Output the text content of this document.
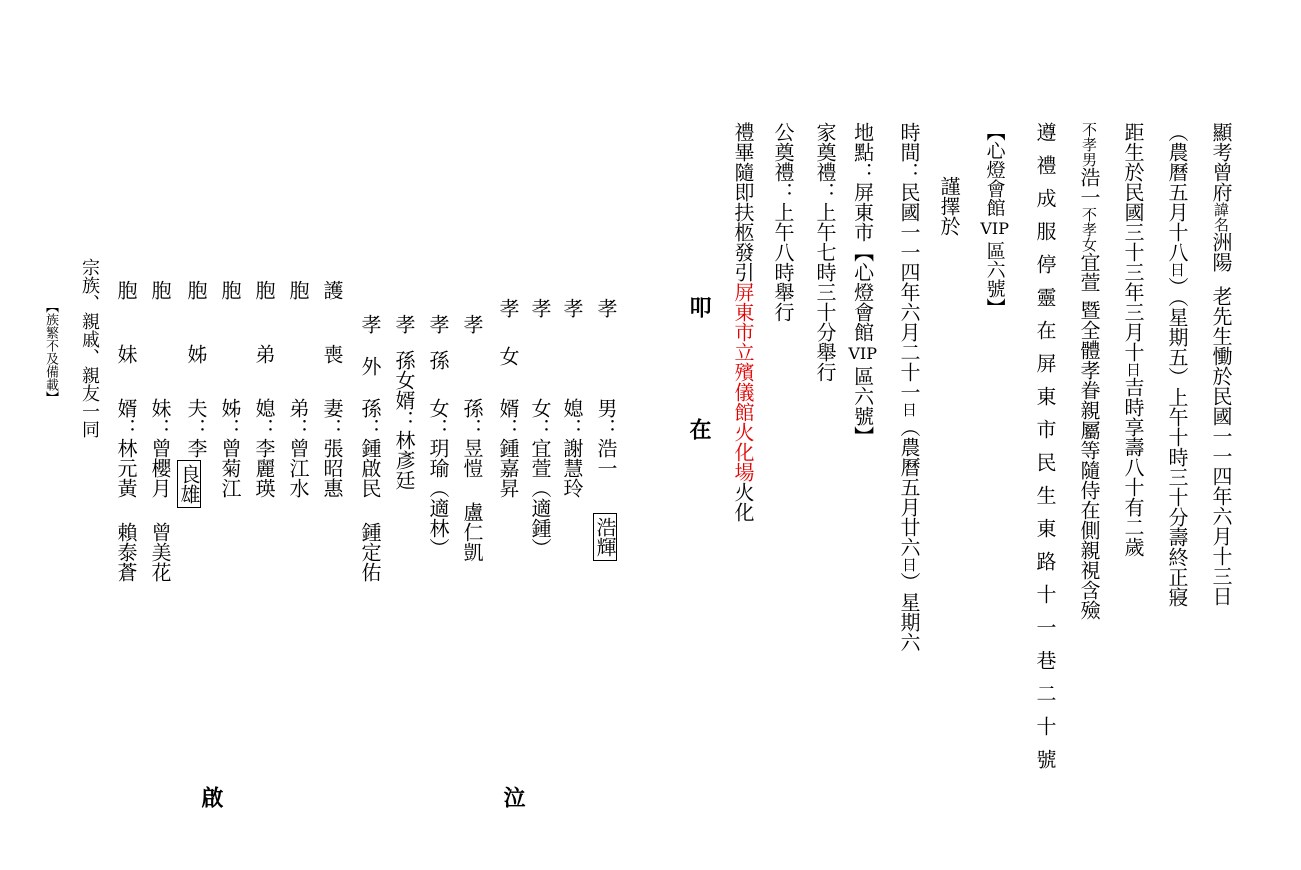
顯考曾府諱名洲陽老先生慟於民國一一四年六月十三日
（農曆五月十八日）（星期五）上午十時三十分壽終正寢
距生於民國三十三年三月十日吉時享壽八十有二歲
不孝男浩一不孝女宜萱暨全體孝眷親屬等隨侍在側親視含殮
遵禮成服停靈在屏東市民生東路十一巷二十號
【心燈會館VIP區六號】
謹擇於
時間：民國一一四年六月二十一日（農曆五月廿六日）星期六
地點：屏東市【心燈會館VIP區六號】
家奠禮：上午七時三十分舉行
公奠禮：上午八時舉行
禮畢隨即扶柩發引屏東市立殯儀館火化場火化
叩
在
孝
男：浩一
浩輝
孝
媳：謝慧玲
孝
女：宜萱（適鍾）
孝
女
婿：鍾嘉昇
孝
孫：昱愷 盧仁凱
孝
孫
女：玥瑜（適林）
孝
孫女婿：林彥廷
孝
外
孫：鍾啟民 鍾定佑
護
喪
妻：張昭惠
胞
弟：曾江水
胞
弟
媳：李麗瑛
胞
姊：曾菊江
胞
姊
夫：李
良雄
胞
妹：曾櫻月 曾美花
胞
妹
婿：林元黃 賴泰蒼
宗族、親戚、親友一同
【族繁不及備載】
泣
啟
